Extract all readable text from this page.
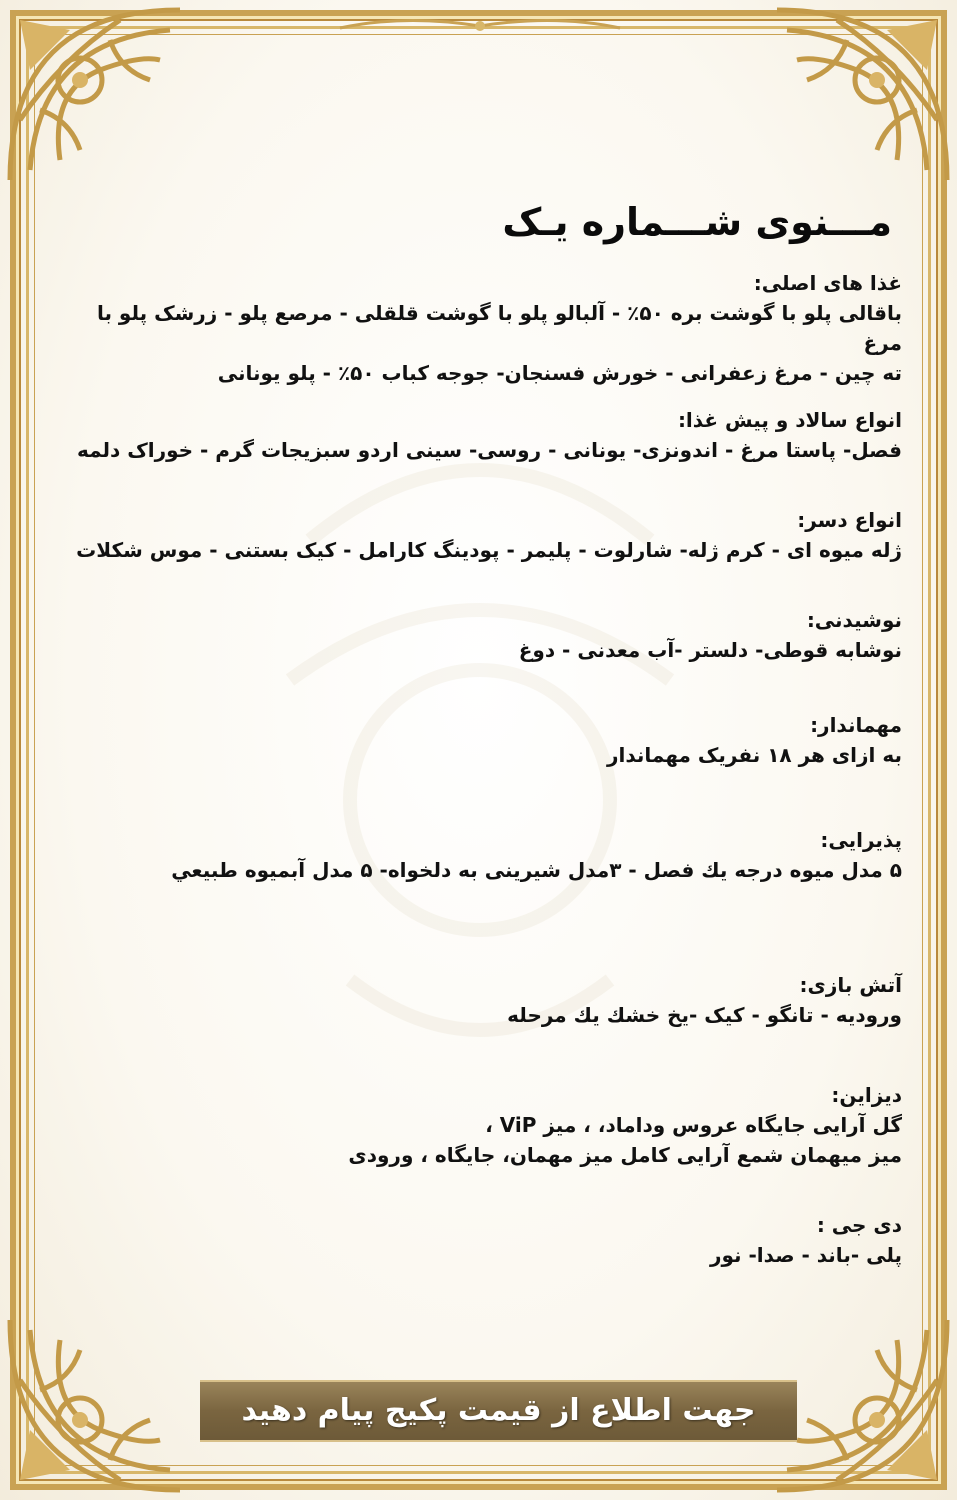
مـــنوی شـــماره یـک
غذا های اصلی:
باقالی پلو با گوشت بره ۵۰٪ - آلبالو پلو با گوشت قلقلی - مرصع پلو - زرشک پلو با مرغ
ته چین - مرغ زعفرانی - خورش فسنجان- جوجه کباب ۵۰٪ - پلو یونانی
انواع سالاد و پیش غذا:
فصل- پاستا مرغ - اندونزی- یونانی - روسی- سینی اردو سبزیجات گرم - خوراک دلمه
انواع دسر:
ژله میوه ای - کرم ژله- شارلوت - پلیمر - پودینگ کارامل - کیک بستنی - موس شکلات
نوشیدنی:
نوشابه قوطی- دلستر -آب معدنی - دوغ
مهماندار:
به ازای هر ۱۸ نفریک مهماندار
پذیرایی:
۵ مدل میوه درجه یك فصل - ۳مدل شیرینی به دلخواه- ۵ مدل آبمیوه طبیعي
آتش بازی:
ورودیه - تانگو - کیک -یخ خشك یك مرحله
دیزاین:
گل آرایی جایگاه عروس وداماد، ، میز ViP ،
میز میهمان شمع آرایی کامل میز مهمان، جایگاه ، ورودی
دی جی :
پلی -باند - صدا- نور
جهت اطلاع از قیمت پکیج پیام دهید
